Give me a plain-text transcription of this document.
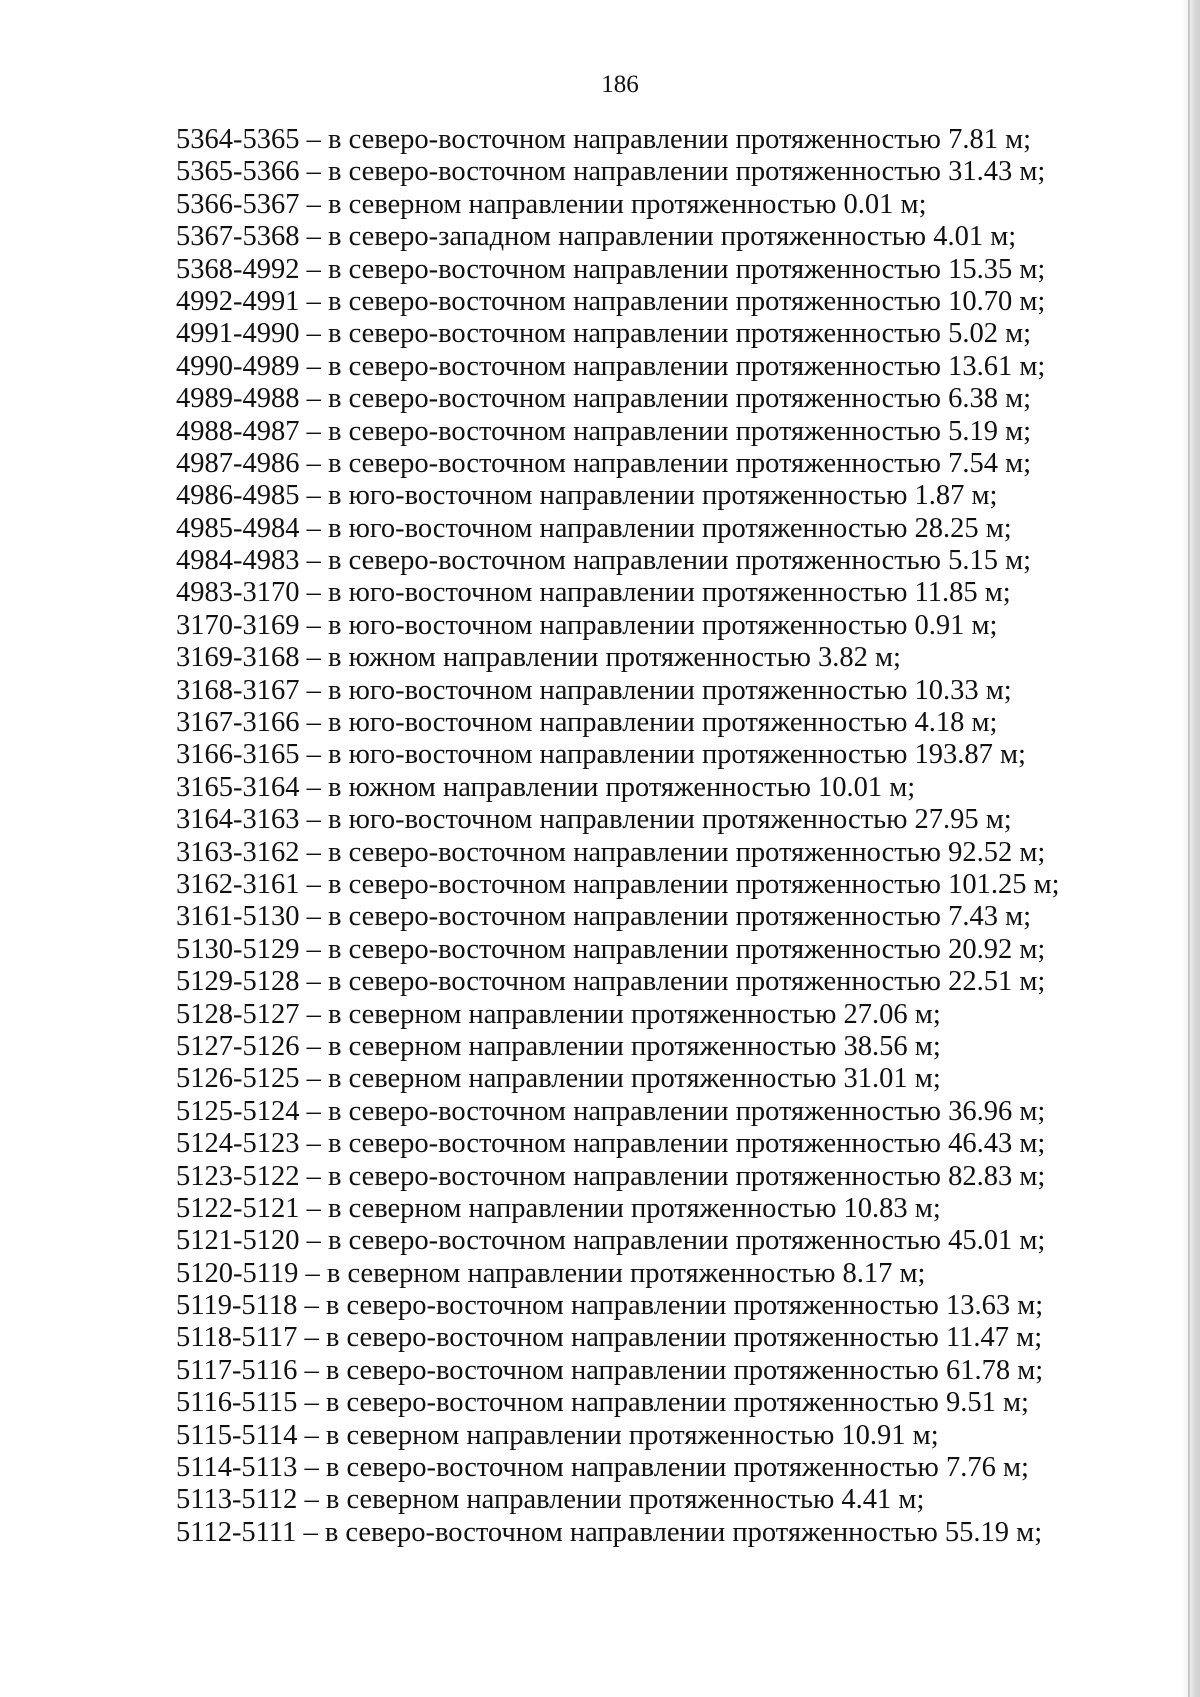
186
5364-5365 – в северо-восточном направлении протяженностью 7.81 м;
5365-5366 – в северо-восточном направлении протяженностью 31.43 м;
5366-5367 – в северном направлении протяженностью 0.01 м;
5367-5368 – в северо-западном направлении протяженностью 4.01 м;
5368-4992 – в северо-восточном направлении протяженностью 15.35 м;
4992-4991 – в северо-восточном направлении протяженностью 10.70 м;
4991-4990 – в северо-восточном направлении протяженностью 5.02 м;
4990-4989 – в северо-восточном направлении протяженностью 13.61 м;
4989-4988 – в северо-восточном направлении протяженностью 6.38 м;
4988-4987 – в северо-восточном направлении протяженностью 5.19 м;
4987-4986 – в северо-восточном направлении протяженностью 7.54 м;
4986-4985 – в юго-восточном направлении протяженностью 1.87 м;
4985-4984 – в юго-восточном направлении протяженностью 28.25 м;
4984-4983 – в северо-восточном направлении протяженностью 5.15 м;
4983-3170 – в юго-восточном направлении протяженностью 11.85 м;
3170-3169 – в юго-восточном направлении протяженностью 0.91 м;
3169-3168 – в южном направлении протяженностью 3.82 м;
3168-3167 – в юго-восточном направлении протяженностью 10.33 м;
3167-3166 – в юго-восточном направлении протяженностью 4.18 м;
3166-3165 – в юго-восточном направлении протяженностью 193.87 м;
3165-3164 – в южном направлении протяженностью 10.01 м;
3164-3163 – в юго-восточном направлении протяженностью 27.95 м;
3163-3162 – в северо-восточном направлении протяженностью 92.52 м;
3162-3161 – в северо-восточном направлении протяженностью 101.25 м;
3161-5130 – в северо-восточном направлении протяженностью 7.43 м;
5130-5129 – в северо-восточном направлении протяженностью 20.92 м;
5129-5128 – в северо-восточном направлении протяженностью 22.51 м;
5128-5127 – в северном направлении протяженностью 27.06 м;
5127-5126 – в северном направлении протяженностью 38.56 м;
5126-5125 – в северном направлении протяженностью 31.01 м;
5125-5124 – в северо-восточном направлении протяженностью 36.96 м;
5124-5123 – в северо-восточном направлении протяженностью 46.43 м;
5123-5122 – в северо-восточном направлении протяженностью 82.83 м;
5122-5121 – в северном направлении протяженностью 10.83 м;
5121-5120 – в северо-восточном направлении протяженностью 45.01 м;
5120-5119 – в северном направлении протяженностью 8.17 м;
5119-5118 – в северо-восточном направлении протяженностью 13.63 м;
5118-5117 – в северо-восточном направлении протяженностью 11.47 м;
5117-5116 – в северо-восточном направлении протяженностью 61.78 м;
5116-5115 – в северо-восточном направлении протяженностью 9.51 м;
5115-5114 – в северном направлении протяженностью 10.91 м;
5114-5113 – в северо-восточном направлении протяженностью 7.76 м;
5113-5112 – в северном направлении протяженностью 4.41 м;
5112-5111 – в северо-восточном направлении протяженностью 55.19 м;
